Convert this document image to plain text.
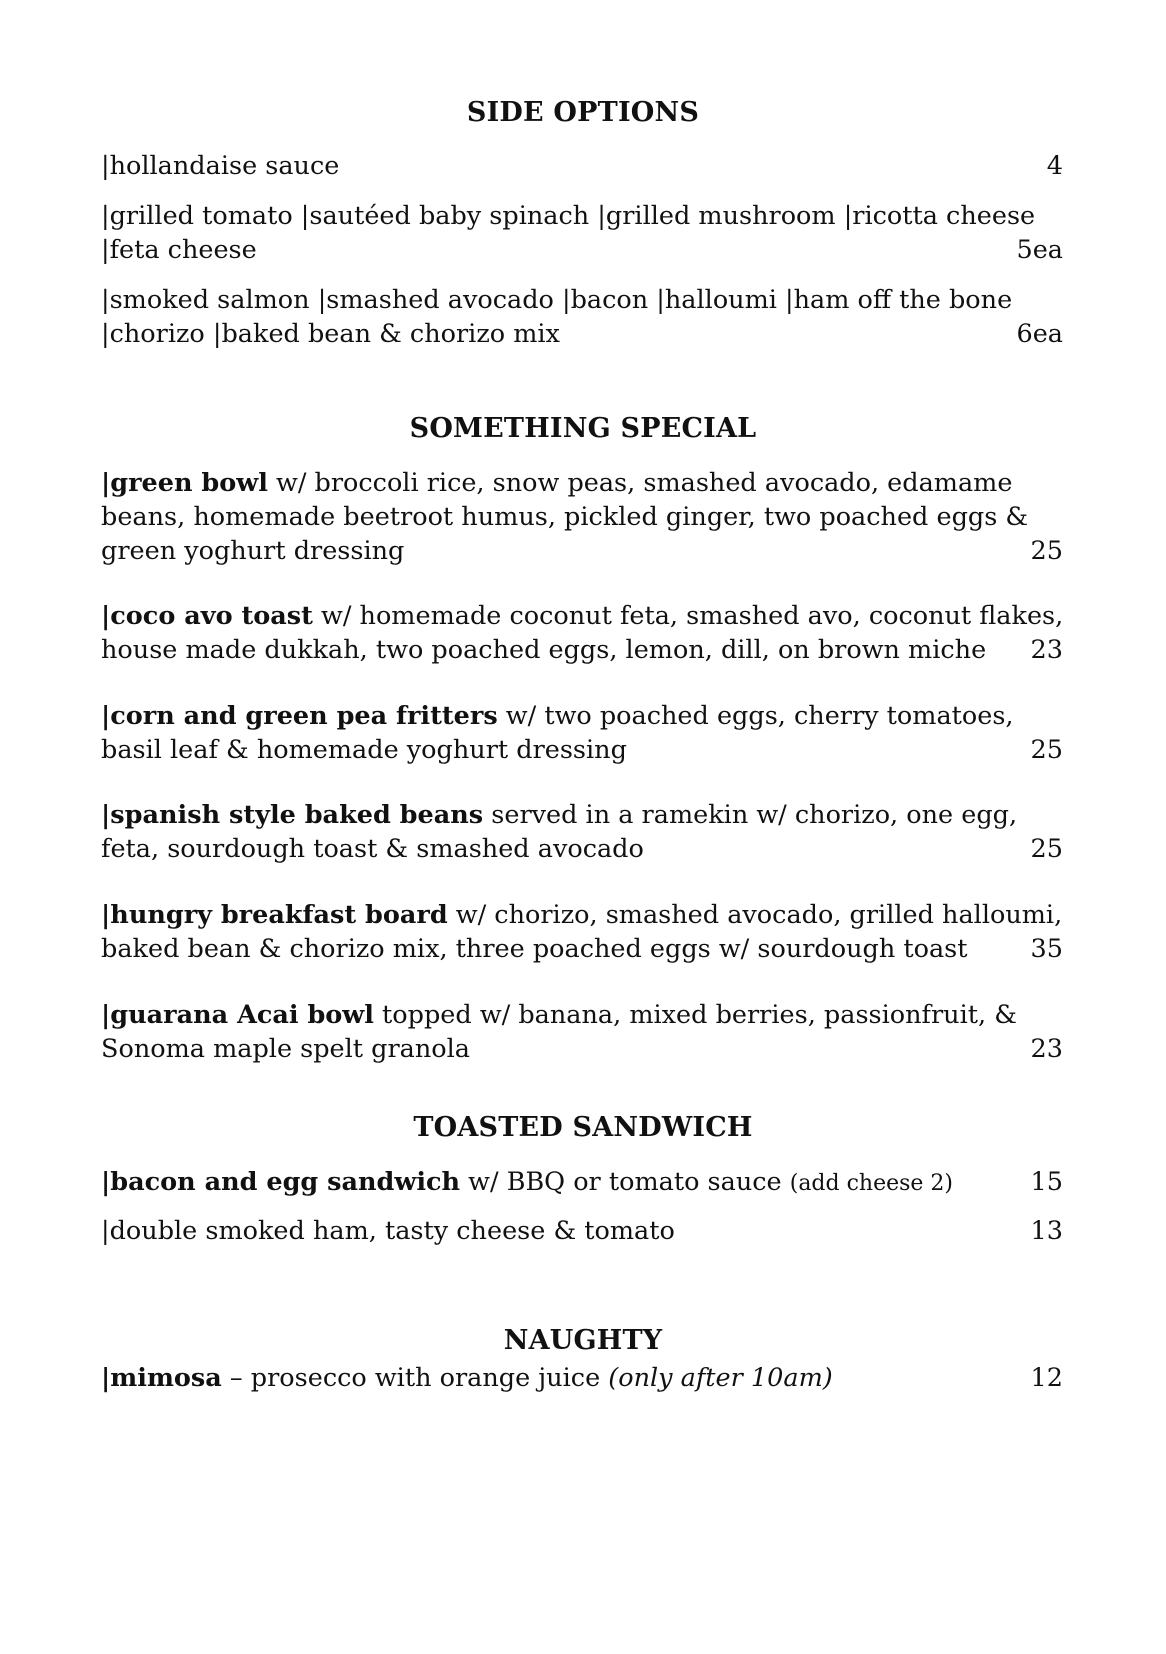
SIDE OPTIONS
|hollandaise sauce	4
|grilled tomato |sautéed baby spinach |grilled mushroom |ricotta cheese
|feta cheese	5ea
|smoked salmon |smashed avocado |bacon |halloumi |ham off the bone
|chorizo |baked bean & chorizo mix	6ea
SOMETHING SPECIAL
|green bowl w/ broccoli rice, snow peas, smashed avocado, edamame
beans, homemade beetroot humus, pickled ginger, two poached eggs &
green yoghurt dressing	25
|coco avo toast w/ homemade coconut feta, smashed avo, coconut flakes,
house made dukkah, two poached eggs, lemon, dill, on brown miche 23
|corn and green pea fritters w/ two poached eggs, cherry tomatoes,
basil leaf & homemade yoghurt dressing	25
|spanish style baked beans served in a ramekin w/ chorizo, one egg,
feta, sourdough toast & smashed avocado	25
|hungry breakfast board w/ chorizo, smashed avocado, grilled halloumi,
baked bean & chorizo mix, three poached eggs w/ sourdough toast 35
|guarana Acai bowl topped w/ banana, mixed berries, passionfruit, &
Sonoma maple spelt granola	23
TOASTED SANDWICH
|bacon and egg sandwich w/ BBQ or tomato sauce (add cheese 2)	15
|double smoked ham, tasty cheese & tomato	13
NAUGHTY
|mimosa – prosecco with orange juice (only after 10am)	12
